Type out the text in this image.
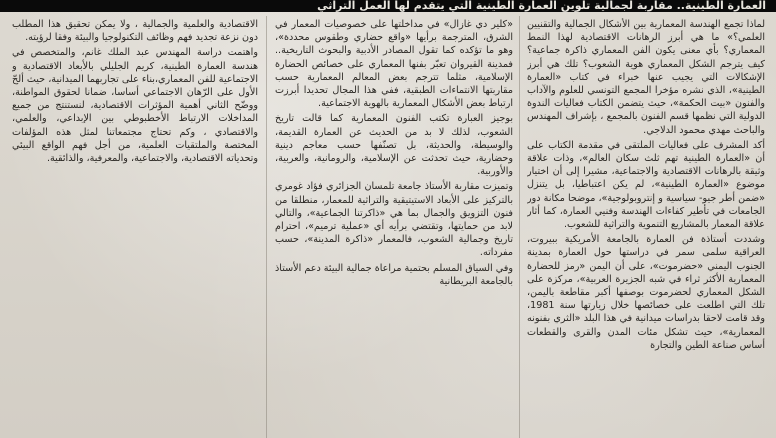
العمارة الطينية.. مقاربة لجمالية تلوين العمارة الطينية التي يتقدم لها العمل التراثي

لماذا تجمع الهندسة المعمارية بين الأشكال الجمالية والتقنيين العلمي؟» ما هي أبرز الرهانات الاقتصادية لهذا النمط المعماري؟ بأي معنى يكون الفن المعماري ذاكرة جماعية؟ كيف يترجم الشكل المعماري هوية الشعوب؟ تلك هي أبرز الإشكالات التي يجيب عنها خبراء في كتاب «العمارة الطينية»، الذي نشره مؤخرا المجمع التونسي للعلوم والآداب والفنون «بيت الحكمة»، حيث يتضمن الكتاب فعاليات الندوة الدولية التي نظمها قسم الفنون بالمجمع ، بإشراف المهندس والباحث مهدي محمود الدلاجي.

أكد المشرف على فعاليات الملتقى في مقدمة الكتاب على أن «العمارة الطينية تهم ثلث سكان العالم»، وذات علاقة وثيقة بالرهانات الاقتصادية والاجتماعية، مشيرا إلى أن اختيار موضوع «العمارة الطينية»، لم يكن اعتباطيا، بل يتنزل «ضمن أطر جيو- سياسية و إنتروبولوجية»، موضحا مكانة دور الجامعات في تأطير كفاءات الهندسة وفنيي العمارة، كما أثار علاقة المعمار بالمشاريع التنموية والتراثية للشعوب.

وشددت أستاذة فن العمارة بالجامعة الأمريكية ببيروت، العراقية سلمى سمر في دراستها حول العمارة بمدينة الجنوب اليمني «حضرموت»، على أن اليمن «رمز للحضارة المعمارية الأكثر ثراء في شبه الجزيرة العربية»، مركزة على الشكل المعماري لحضرموت بوصفها أكبر مقاطعة باليمن، تلك التي اطلعت على خصائصها خلال زيارتها سنة 1981، وقد قامت لاحقا بدراسات ميدانية في هذا البلد «الثري بفنونه المعمارية»، حيث تشكل مئات المدن والقرى والقطعات أساس صناعة الطين والتجارة

«كلير دي غازال» في مداخلتها على خصوصيات المعمار في الشرق، المترجمة برأيها «واقع حضاري وطقوس محددة»، وهو ما تؤكده كما تقول المصادر الأدبية والبحوث التاريخية.. فمدينة القيروان تعبّر بفنها المعماري على خصائص الحضارة الإسلامية، مثلما تترجم بعض المعالم المعمارية حسب مقاربتها الانتماءات الطبقية، ففي هذا المجال تحديدا أبرزت ارتباط بعض الأشكال المعمارية بالهوية الاجتماعية.

بوجيز العبارة تكتب الفنون المعمارية كما قالت تاريخ الشعوب، لذلك لا بد من الحديث عن العمارة القديمة، والوسيطة، والحديثة، بل تصنّفها حسب معاجم دينية وحضارية، حيث تحدثت عن الإسلامية، والرومانية، والعربية، والأوربية.

وتميزت مقاربة الأستاذ جامعة تلمسان الجزائري فؤاد غومري بالتركيز على الأبعاد الاستيتيقية والتراثية للمعمار، منطلقا من فنون التزويق والجمال بما هي «ذاكرتنا الجماعية»، والتالي لابد من حمايتها، وتقتضي برأيه أي «عملية ترميم»، احترام تاريخ وجمالية الشعوب، فالمعمار «ذاكرة المدينة»، حسب مفرداته.

وفي السياق المسلم بحتمية مراعاة جمالية البيئة دعم الأستاذ بالجامعة البريطانية

الاقتصادية والعلمية والجمالية ، ولا يمكن تحقيق هذا المطلب دون نزعة تجديد فهم وظائف التكنولوجيا والبيئة وفقا لرؤيته.

واهتمت دراسة المهندس عبد الملك غانم، والمتخصص في هندسة العمارة الطينية، كريم الجليلي بالأبعاد الاقتصادية و الاجتماعية للفن المعماري،بناء على تجاربهما الميدانية، حيث ألحّ الأول على الرّهان الاجتماعي أساسا، ضمانا لحقوق المواطنة، ووضّح الثاني أهمية المؤثرات الاقتصادية، لنستنتج من جميع المداخلات الارتباط الأخطبوطي بين الإبداعي، والعلمي، والاقتصادي ، وكم تحتاج مجتمعاتنا لمثل هذه المؤلفات المختصة والملتقيات العلمية، من أجل فهم الواقع البيئي وتحدياته الاقتصادية، والاجتماعية، والمعرفية، والذائقية.
